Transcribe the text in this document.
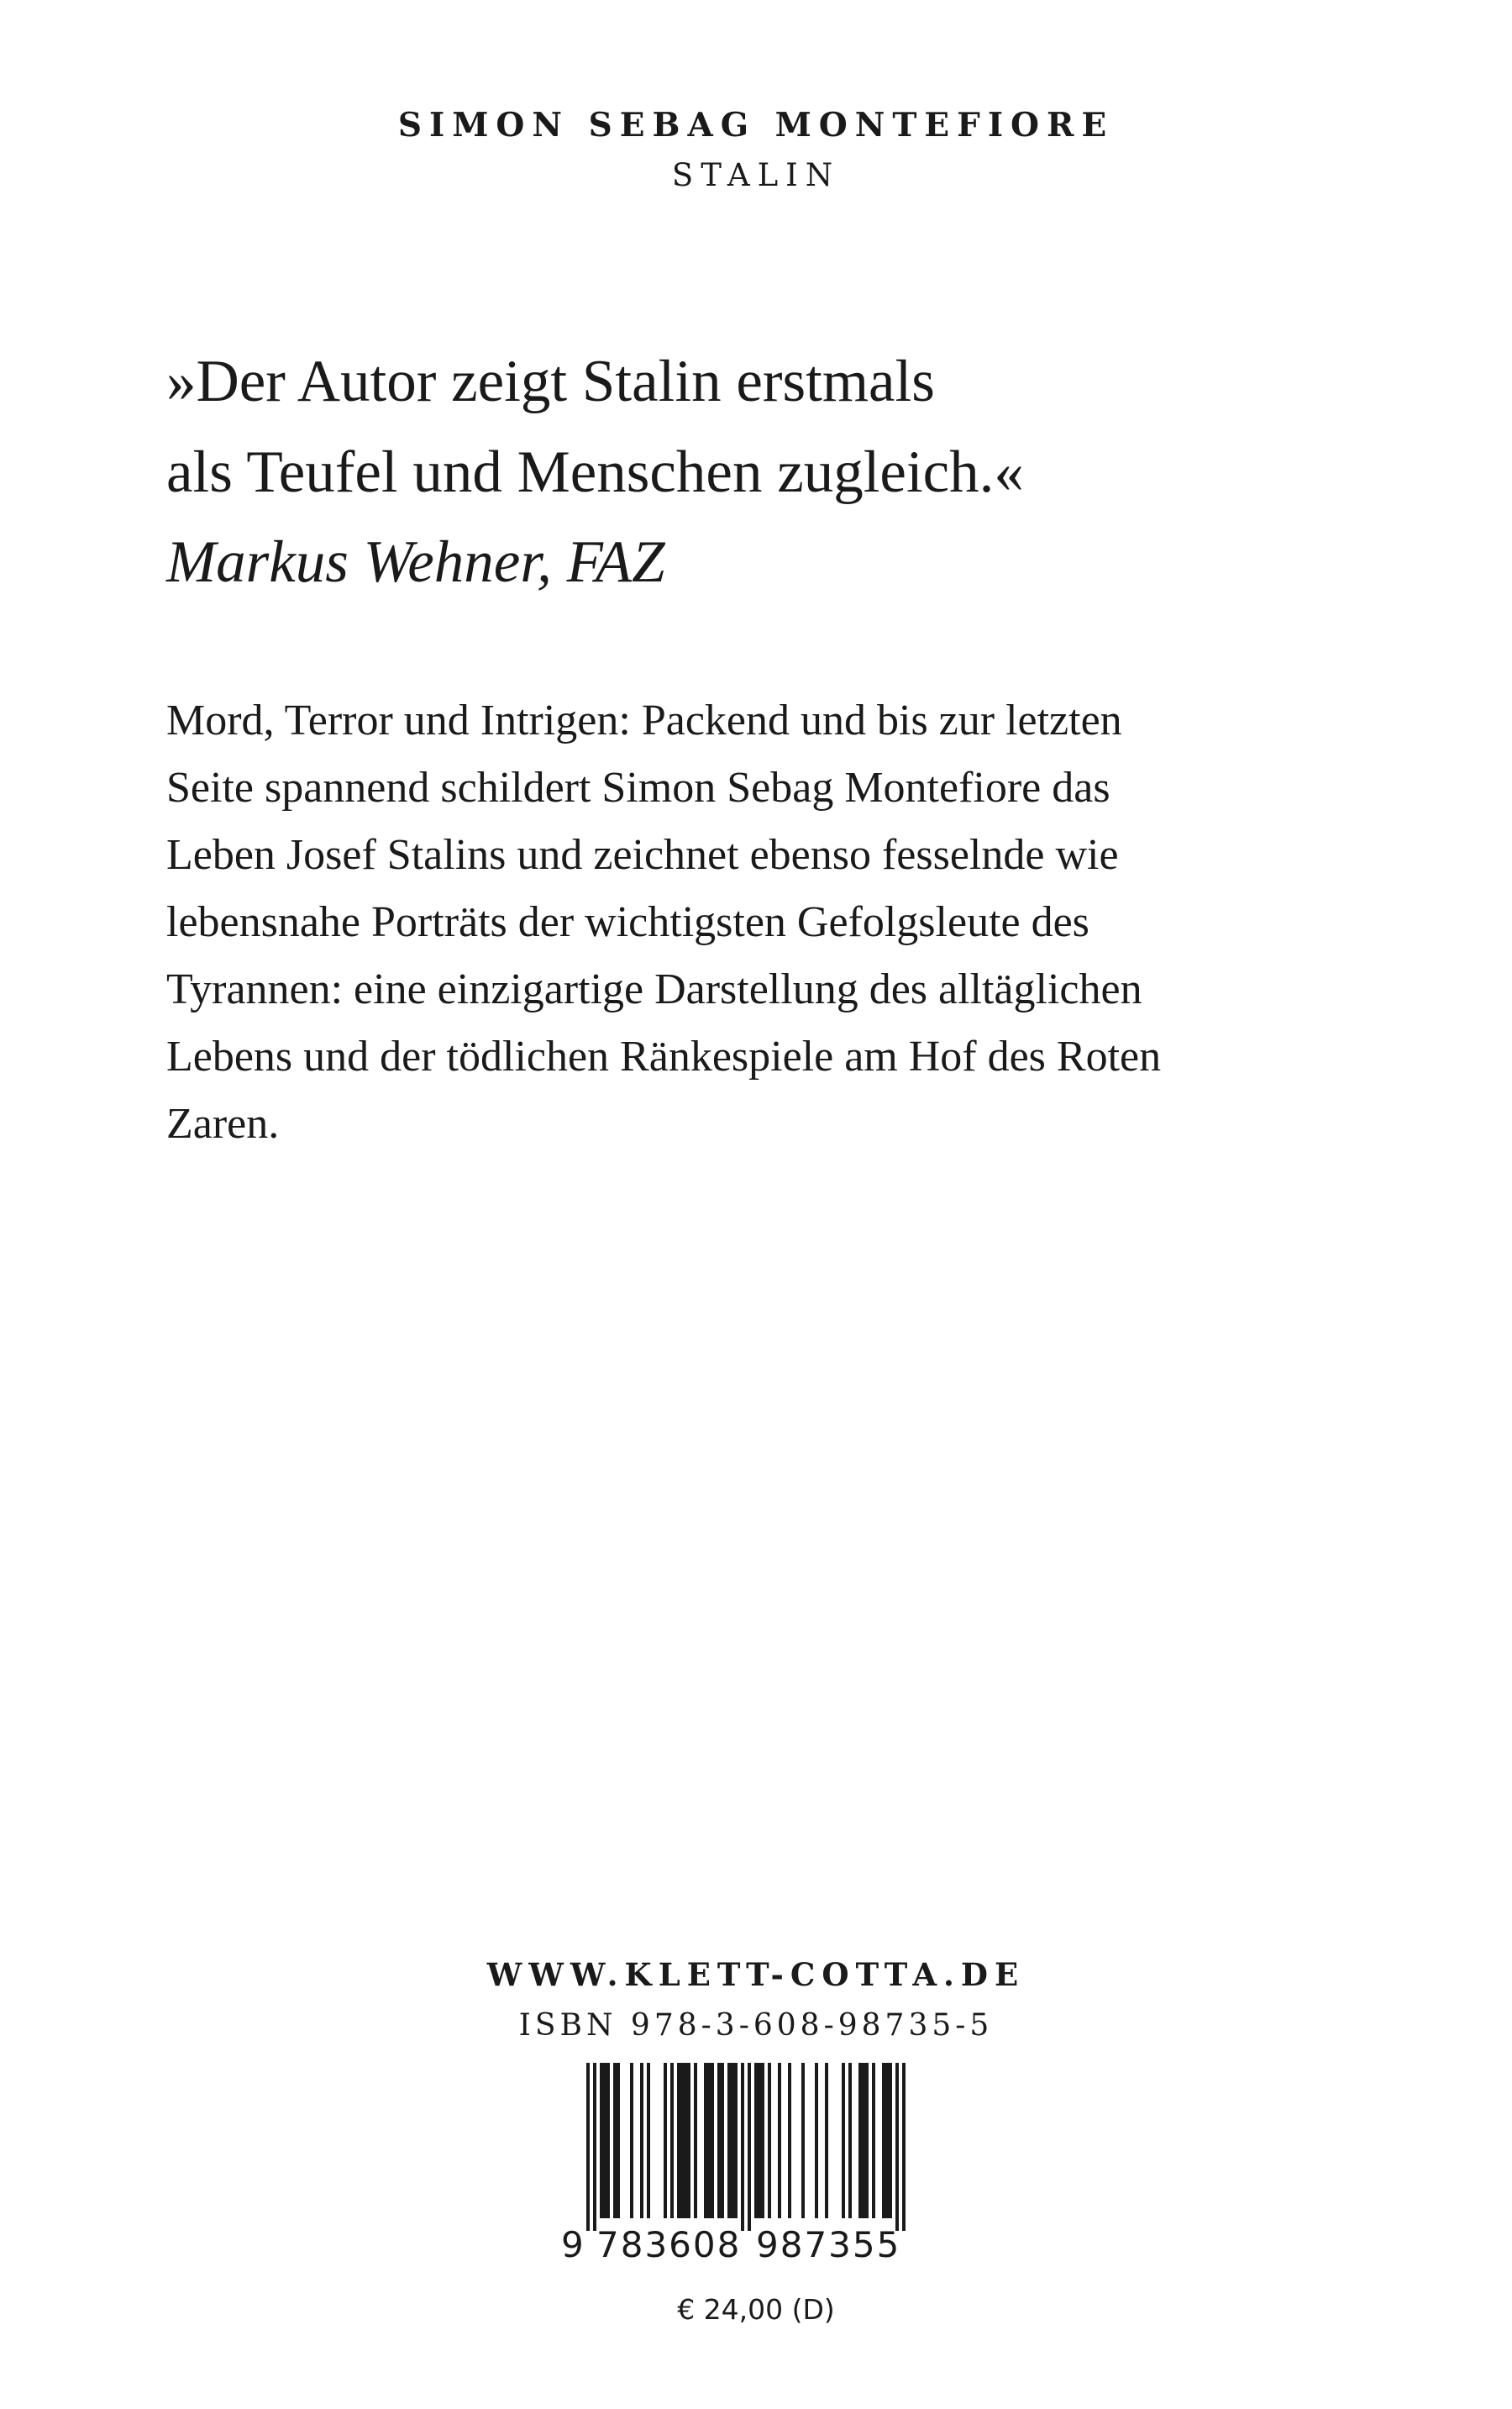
SIMON SEBAG MONTEFIORE
STALIN
»Der Autor zeigt Stalin erstmals
als Teufel und Menschen zugleich.«
Markus Wehner, FAZ
Mord, Terror und Intrigen: Packend und bis zur letzten
Seite spannend schildert Simon Sebag Montefiore das
Leben Josef Stalins und zeichnet ebenso fesselnde wie
lebensnahe Porträts der wichtigsten Gefolgsleute des
Tyrannen: eine einzigartige Darstellung des alltäglichen
Lebens und der tödlichen Ränkespiele am Hof des Roten
Zaren.
WWW.KLETT-COTTA.DE
ISBN 978-3-608-98735-5
9 783608 987355
€ 24,00 (D)
